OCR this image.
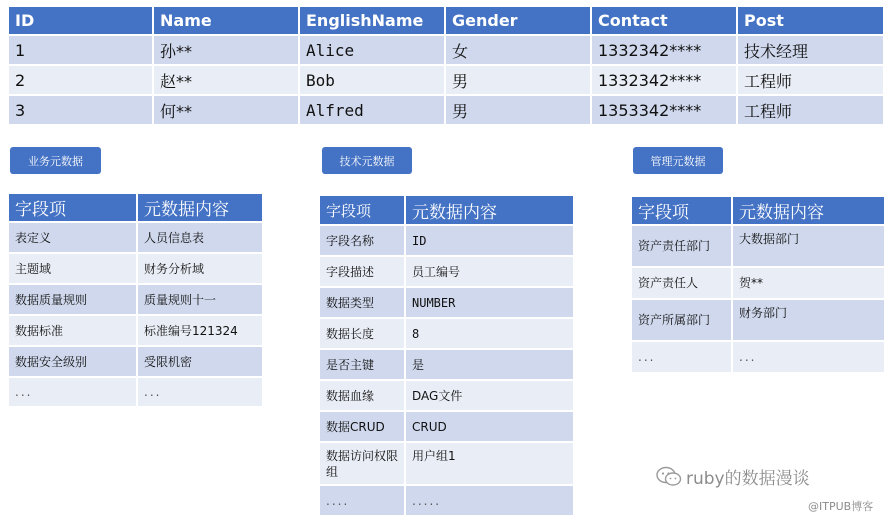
ID	Name	EnglishName	Gender	Contact	Post
1	孙**	Alice	女	1332342****	技术经理
2	赵**	Bob	男	1332342****	工程师
3	何**	Alfred	男	1353342****	工程师
业务元数据	技术元数据	管理元数据
字段项	元数据内容
表定义	人员信息表
主题域	财务分析域
数据质量规则	质量规则十一
数据标准	标准编号121324
数据安全级别	受限机密
...	...
字段项	元数据内容
字段名称	ID
字段描述	员工编号
数据类型	NUMBER
数据长度	8
是否主键	是
数据血缘	DAG文件
数据CRUD	CRUD
数据访问权限组	用户组1
....	.....
字段项	元数据内容
资产责任部门	大数据部门
资产责任人	贺**
资产所属部门	财务部门
...	...
ruby的数据漫谈
@ITPUB博客
